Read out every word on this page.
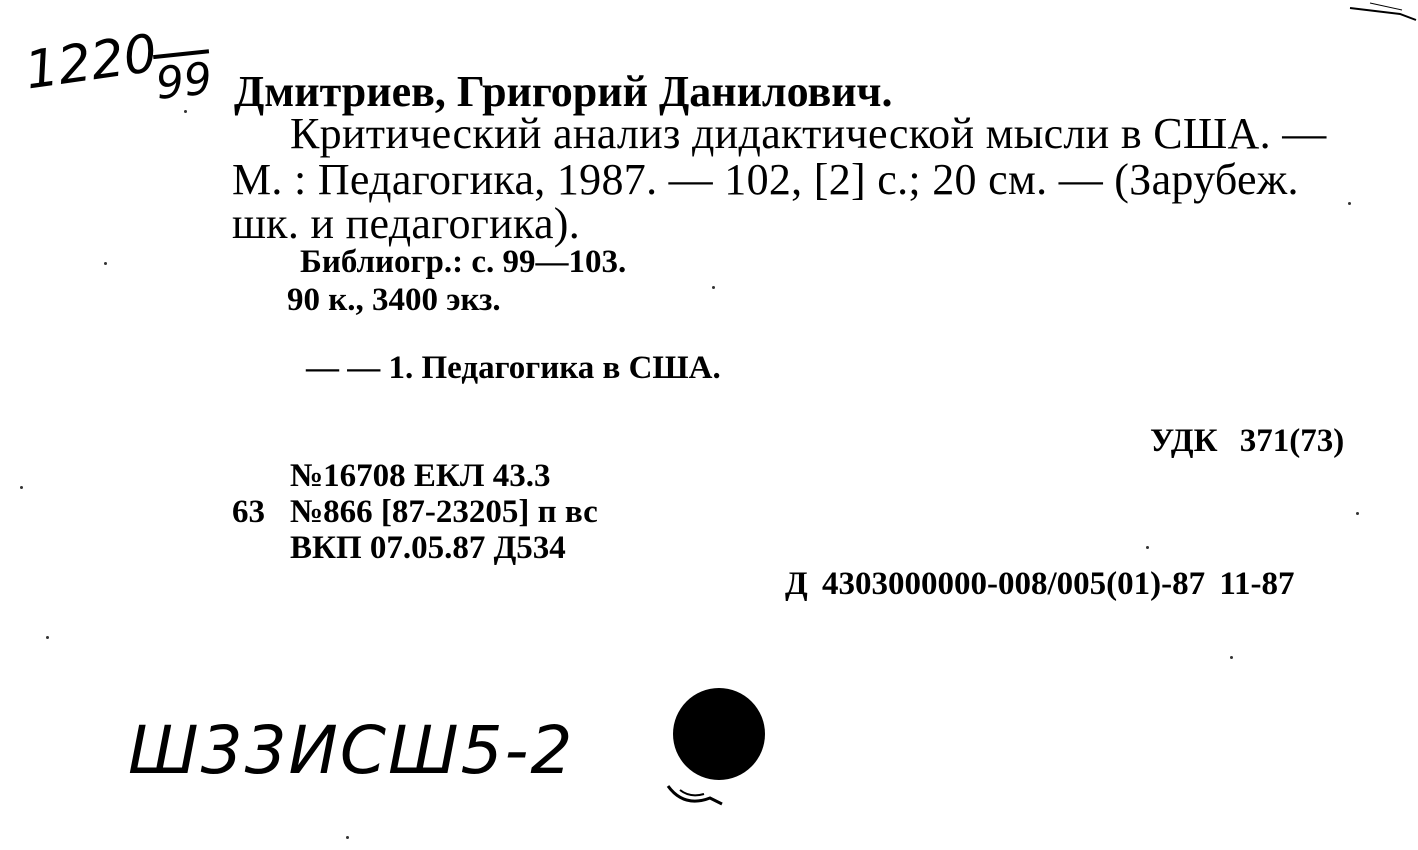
1220
99 Дмитриев, Григорий Данилович.
Критический анализ дидактической мысли в США. —
М. : Педагогика, 1987. — 102, [2] с.; 20 см. — (Зарубеж.
шк. и педагогика).
Библиогр.: с. 99—103.
90 к., 3400 экз.
— — 1. Педагогика в США.
УДК 371(73)
№16708 ЕКЛ 43.3
63 №866 [87-23205] п вс
ВКП 07.05.87 Д534
Д 4303000000-008/005(01)-87 11-87
Ш33ИСШ5-2
